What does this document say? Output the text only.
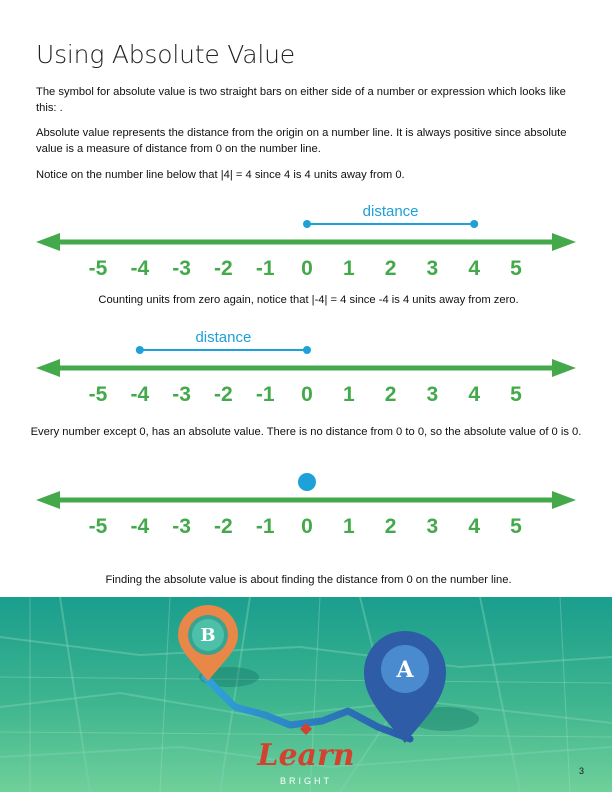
Using Absolute Value

The symbol for absolute value is two straight bars on either side of a number or expression which looks like this: .

Absolute value represents the distance from the origin on a number line. It is always positive since absolute value is a measure of distance from 0 on the number line.

Notice on the number line below that |4| = 4 since 4 is 4 units away from 0.

distance
-5 -4 -3 -2 -1 0 1 2 3 4 5

Counting units from zero again, notice that |-4| = 4 since -4 is 4 units away from zero.

distance
-5 -4 -3 -2 -1 0 1 2 3 4 5

Every number except 0, has an absolute value. There is no distance from 0 to 0, so the absolute value of 0 is 0.

-5 -4 -3 -2 -1 0 1 2 3 4 5

Finding the absolute value is about finding the distance from 0 on the number line.

B
A
Learn
BRIGHT
3
